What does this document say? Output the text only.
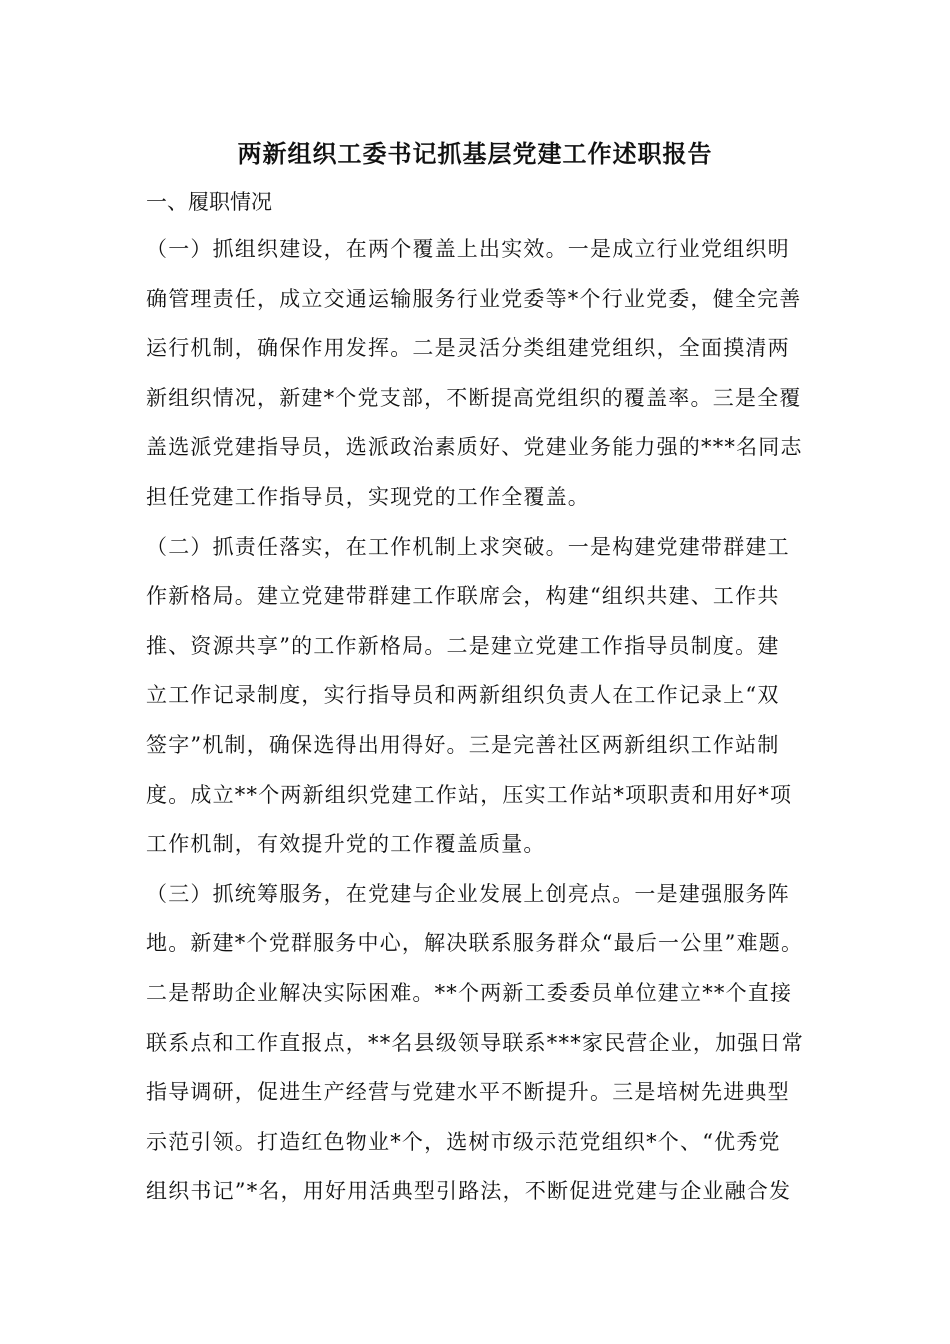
两新组织工委书记抓基层党建工作述职报告
一、履职情况
（一）抓组织建设，在两个覆盖上出实效。一是成立行业党组织明
确管理责任，成立交通运输服务行业党委等*个行业党委，健全完善
运行机制，确保作用发挥。二是灵活分类组建党组织，全面摸清两
新组织情况，新建*个党支部，不断提高党组织的覆盖率。三是全覆
盖选派党建指导员，选派政治素质好、党建业务能力强的***名同志
担任党建工作指导员，实现党的工作全覆盖。
（二）抓责任落实，在工作机制上求突破。一是构建党建带群建工
作新格局。建立党建带群建工作联席会，构建“组织共建、工作共
推、资源共享”的工作新格局。二是建立党建工作指导员制度。建
立工作记录制度，实行指导员和两新组织负责人在工作记录上“双
签字”机制，确保选得出用得好。三是完善社区两新组织工作站制
度。成立**个两新组织党建工作站，压实工作站*项职责和用好*项
工作机制，有效提升党的工作覆盖质量。
（三）抓统筹服务，在党建与企业发展上创亮点。一是建强服务阵
地。新建*个党群服务中心，解决联系服务群众“最后一公里”难题。
二是帮助企业解决实际困难。**个两新工委委员单位建立**个直接
联系点和工作直报点，**名县级领导联系***家民营企业，加强日常
指导调研，促进生产经营与党建水平不断提升。三是培树先进典型
示范引领。打造红色物业*个，选树市级示范党组织*个、“优秀党
组织书记”*名，用好用活典型引路法，不断促进党建与企业融合发
